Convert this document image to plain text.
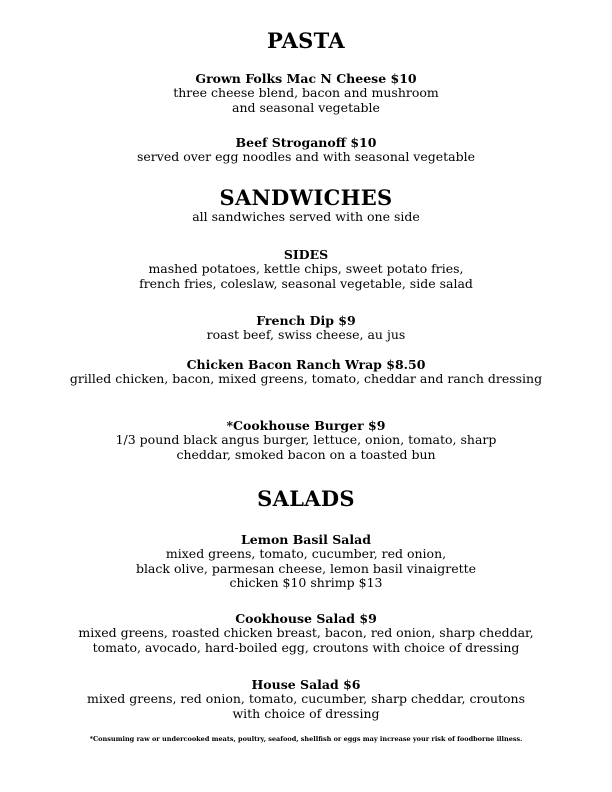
PASTA

Grown Folks Mac N Cheese $10

three cheese blend, bacon and mushroom

and seasonal vegetable

Beef Stroganoff $10

served over egg noodles and with seasonal vegetable

SANDWICHES

all sandwiches served with one side

SIDES

mashed potatoes, kettle chips, sweet potato fries,

french fries, coleslaw, seasonal vegetable, side salad

French Dip $9

roast beef, swiss cheese, au jus

Chicken Bacon Ranch Wrap $8.50

grilled chicken, bacon, mixed greens, tomato, cheddar and ranch dressing

*Cookhouse Burger $9

1/3 pound black angus burger, lettuce, onion, tomato, sharp

cheddar, smoked bacon on a toasted bun

SALADS

Lemon Basil Salad

mixed greens, tomato, cucumber, red onion,

black olive, parmesan cheese, lemon basil vinaigrette

chicken $10 shrimp $13

Cookhouse Salad $9

mixed greens, roasted chicken breast, bacon, red onion, sharp cheddar,

tomato, avocado, hard-boiled egg, croutons with choice of dressing

House Salad $6

mixed greens, red onion, tomato, cucumber, sharp cheddar, croutons

with choice of dressing

*Consuming raw or undercooked meats, poultry, seafood, shellfish or eggs may increase your risk of foodborne illness.
